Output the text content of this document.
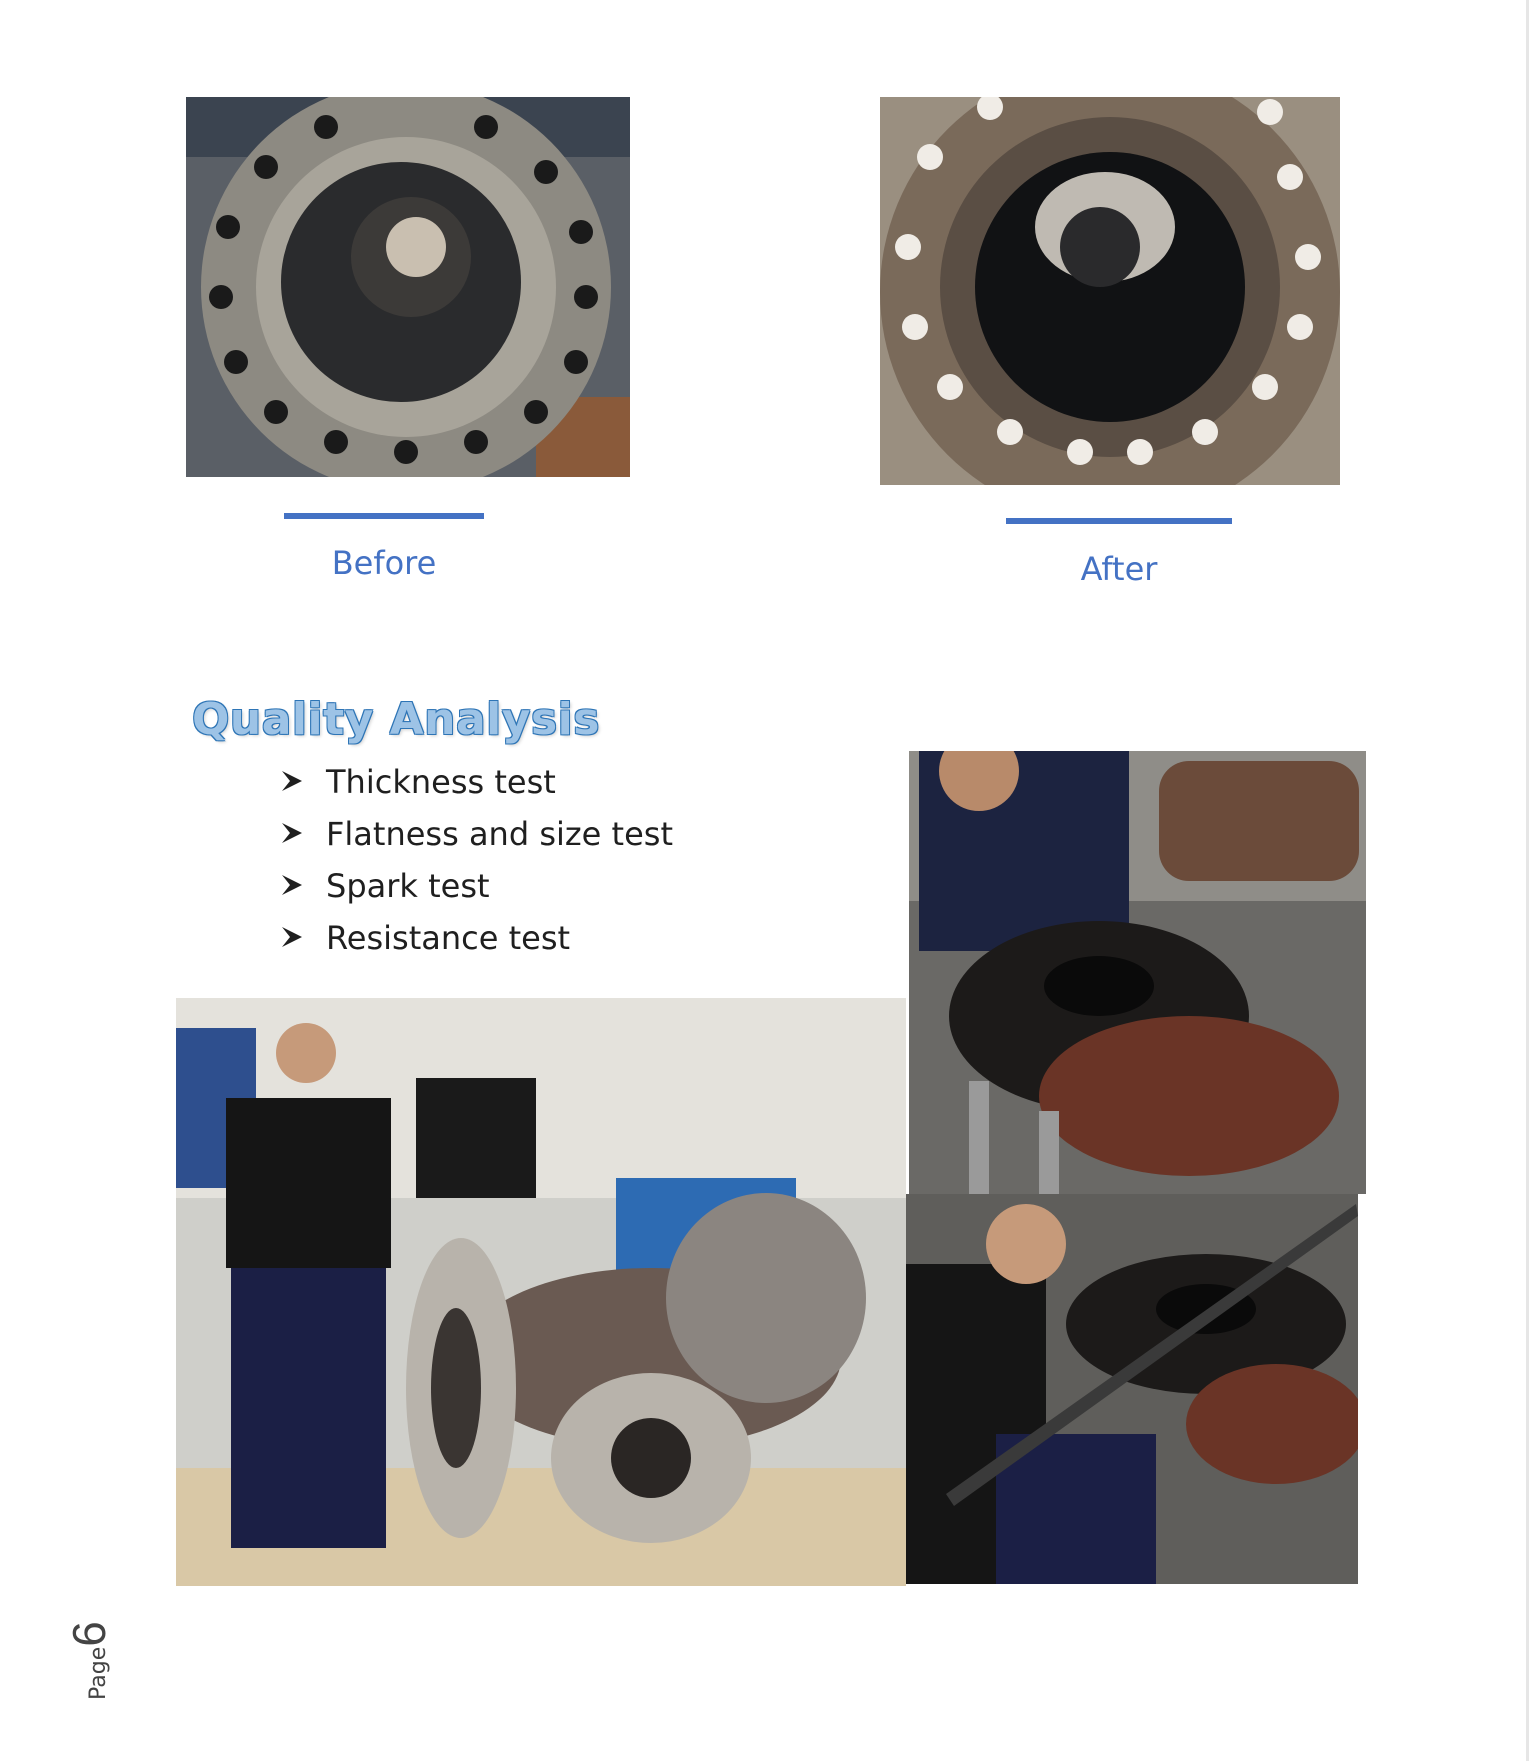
Before	After
Quality Analysis
Thickness test
Flatness and size test
Spark test
Resistance test
Page6
